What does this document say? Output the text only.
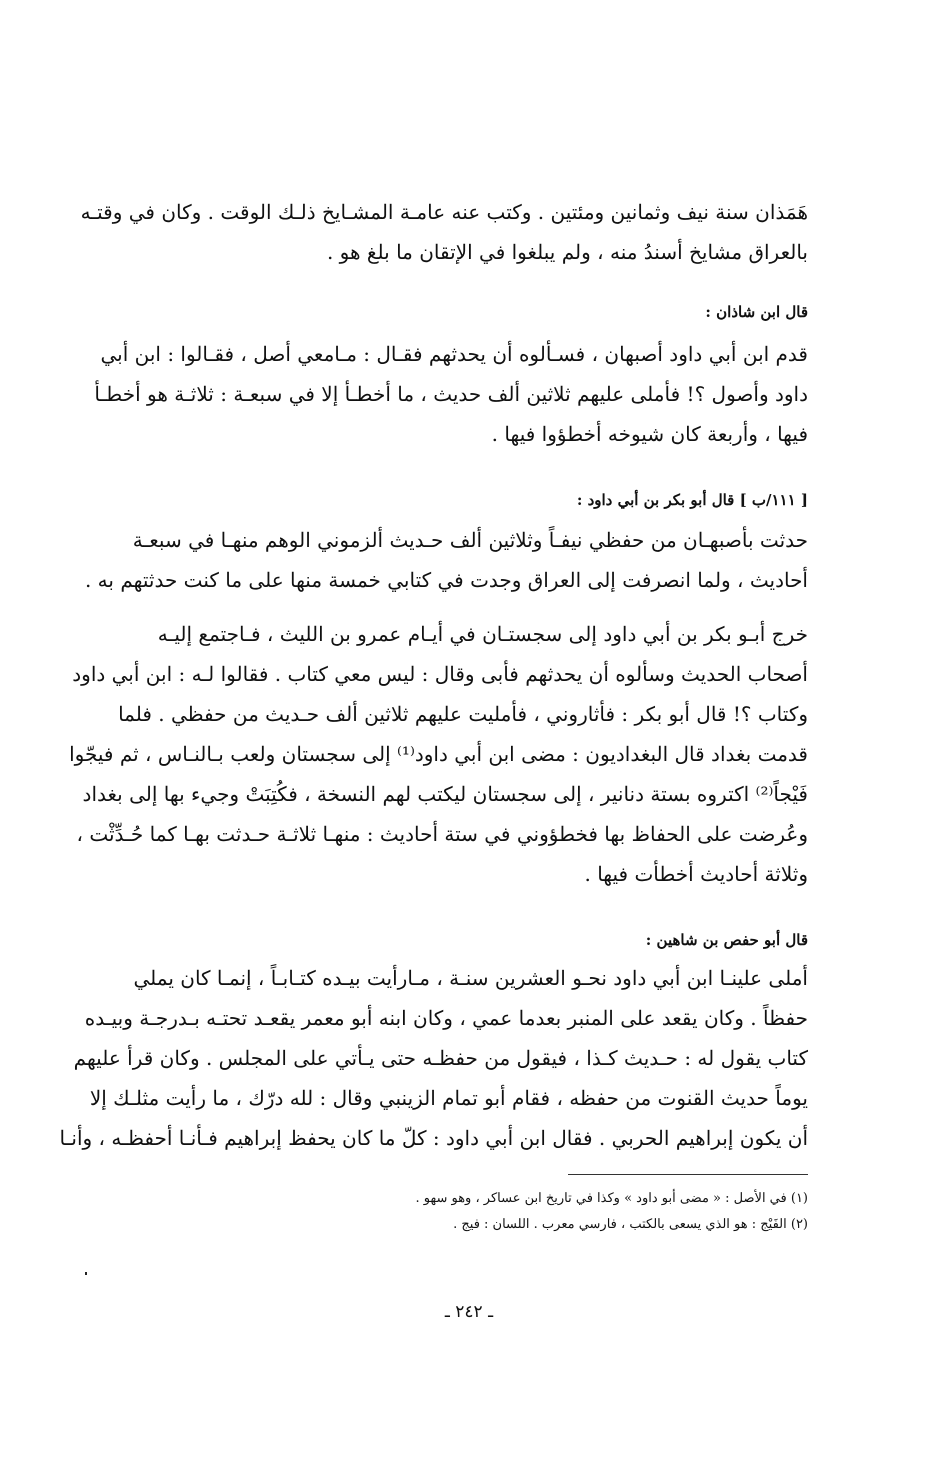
هَمَذان سنة نيف وثمانين ومئتين . وكتب عنه عامـة المشـايخ ذلـك الوقت . وكان في وقتـه
بالعراق مشايخ أسندُ منه ، ولم يبلغوا في الإتقان ما بلغ هو .
قال ابن شاذان :
قدم ابن أبي داود أصبهان ، فسـألوه أن يحدثهم فقـال : مـامعي أصل ، فقـالوا : ابن أبي
داود وأصول ؟! فأملى عليهم ثلاثين ألف حديث ، ما أخطـأ إلا في سبعـة : ثلاثـة هو أخطـأ
فيها ، وأربعة كان شيوخه أخطؤوا فيها .
[ ١١١/ب ] قال أبو بكر بن أبي داود :
حدثت بأصبهـان من حفظي نيفـاً وثلاثين ألف حـديث ألزموني الوهم منهـا في سبعـة
أحاديث ، ولما انصرفت إلى العراق وجدت في كتابي خمسة منها على ما كنت حدثتهم به .
خرج أبـو بكر بن أبي داود إلى سجستـان في أيـام عمرو بن الليث ، فـاجتمع إليـه
أصحاب الحديث وسألوه أن يحدثهم فأبى وقال : ليس معي كتاب . فقالوا لـه : ابن أبي داود
وكتاب ؟! قال أبو بكر : فأثاروني ، فأمليت عليهم ثلاثين ألف حـديث من حفظي . فلما
قدمت بغداد قال البغداديون : مضى ابن أبي داود⁽¹⁾ إلى سجستان ولعب بـالنـاس ، ثم فيجّوا
فَيْجاً⁽²⁾ اكتروه بستة دنانير ، إلى سجستان ليكتب لهم النسخة ، فكُتِبَتْ وجيء بها إلى بغداد
وعُرضت على الحفاظ بها فخطؤوني في ستة أحاديث : منهـا ثلاثـة حـدثت بهـا كما حُـدِّثْت ،
وثلاثة أحاديث أخطأت فيها .
قال أبو حفص بن شاهين :
أملى علينـا ابن أبي داود نحـو العشرين سنـة ، مـارأيت بيـده كتـابـاً ، إنمـا كان يملي
حفظاً . وكان يقعد على المنبر بعدما عمي ، وكان ابنه أبو معمر يقعـد تحتـه بـدرجـة وبيـده
كتاب يقول له : حـديث كـذا ، فيقول من حفظـه حتى يـأتي على المجلس . وكان قرأ عليهم
يوماً حديث القنوت من حفظه ، فقام أبو تمام الزينبي وقال : لله درّك ، ما رأيت مثلـك إلا
أن يكون إبراهيم الحربي . فقال ابن أبي داود : كلّ ما كان يحفظ إبراهيم فـأنـا أحفظـه ، وأنـا
(١) في الأصل : « مضى أبو داود » وكذا في تاريخ ابن عساكر ، وهو سهو .
(٢) الفَيْج : هو الذي يسعى بالكتب ، فارسي معرب . اللسان : فيج .
ـ ٢٤٢ ـ
